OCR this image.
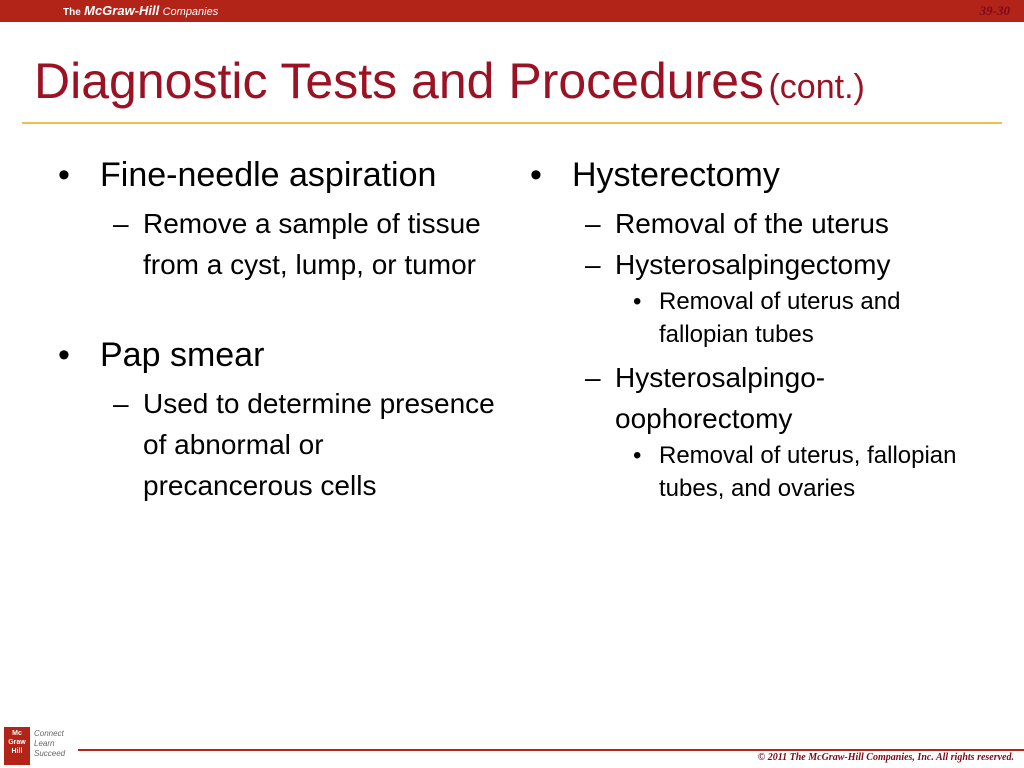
The McGraw-Hill Companies	39-30
Diagnostic Tests and Procedures (cont.)
• Fine-needle aspiration
– Remove a sample of tissue from a cyst, lump, or tumor
• Pap smear
– Used to determine presence of abnormal or precancerous cells
• Hysterectomy
– Removal of the uterus
– Hysterosalpingectomy
• Removal of uterus and fallopian tubes
– Hysterosalpingo-oophorectomy
• Removal of uterus, fallopian tubes, and ovaries
Mc Graw Hill
Connect
Learn
Succeed	© 2011 The McGraw-Hill Companies, Inc. All rights reserved.
